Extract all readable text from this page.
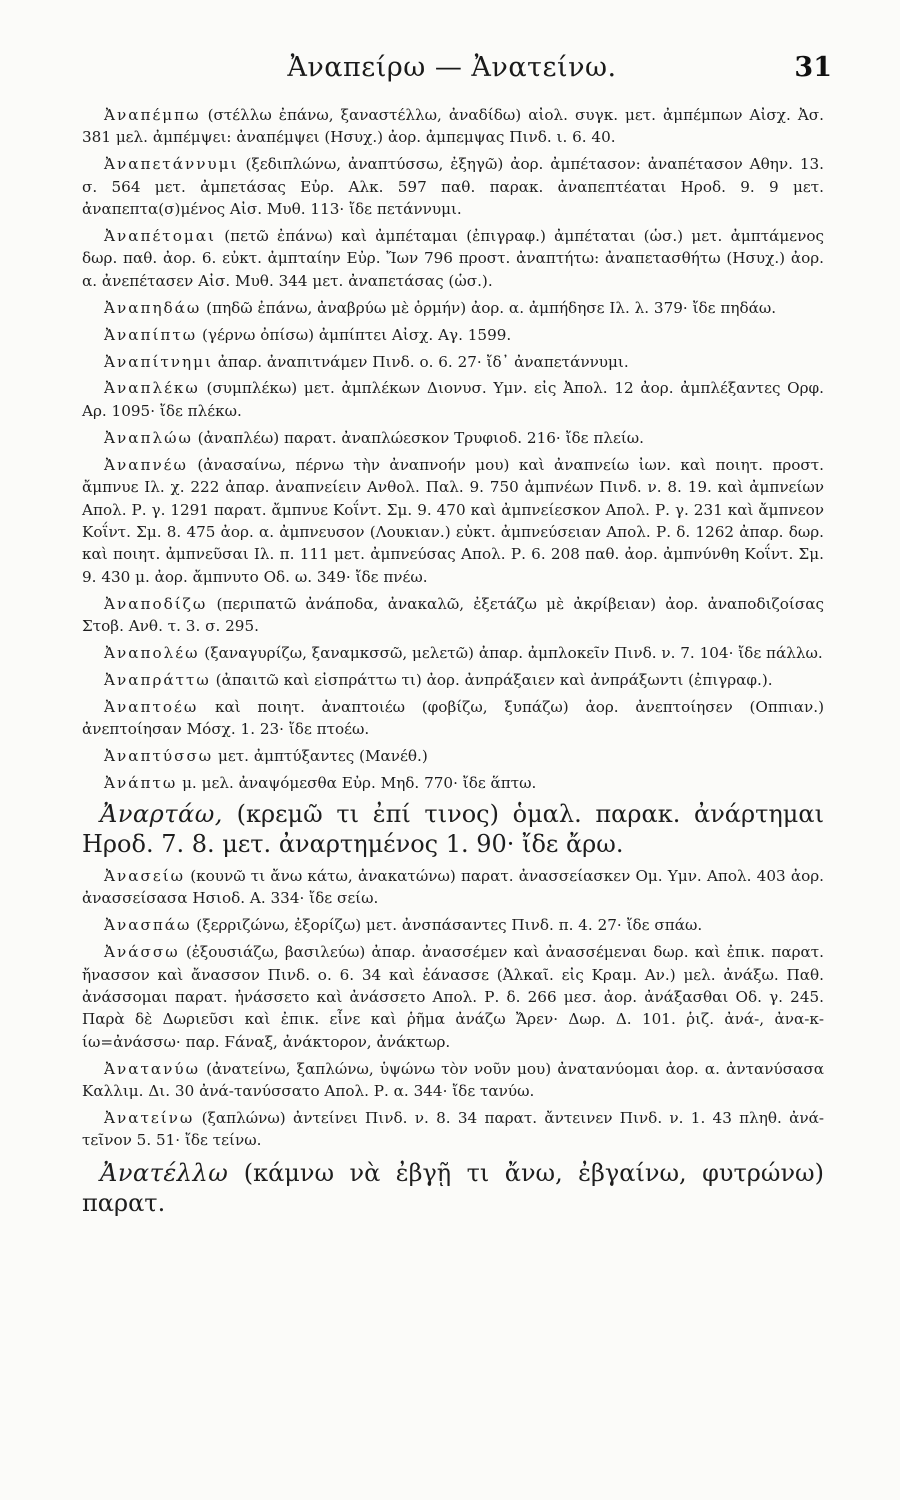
Ἀναπείρω — Ἀνατείνω.	31

Ἀναπέμπω (στέλλω ἐπάνω, ξαναστέλλω, ἀναδίδω) αἰολ. συγκ. μετ. ἀμπέμπων Αἰσχ. Ἀσ. 381 μελ. ἀμπέμψει: ἀναπέμψει (Ησυχ.) ἀορ. ἀμπεμψας Πινδ. ι. 6. 40.

Ἀναπετάννυμι (ξεδιπλώνω, ἀναπτύσσω, ἐξηγῶ) ἀορ. ἀμπέτασον: ἀναπέτασον Αθην. 13. σ. 564 μετ. ἀμπετάσας Εὐρ. Αλκ. 597 παθ. παρακ. ἀναπεπτέαται Ηροδ. 9. 9 μετ. ἀναπεπτα(σ)μένος Αἰσ. Μυθ. 113· ἴδε πετάννυμι.

Ἀναπέτομαι (πετῶ ἐπάνω) καὶ ἀμπέταμαι (ἐπιγραφ.) ἀμπέταται (ὡσ.) μετ. ἀμπτάμενος δωρ. παθ. ἀορ. 6. εὐκτ. ἀμπταίην Εὐρ. Ἴων 796 προστ. ἀναπτήτω: ἀναπετασθήτω (Ησυχ.) ἀορ. α. ἀνεπέτασεν Αἰσ. Μυθ. 344 μετ. ἀναπετάσας (ὡσ.).

Ἀναπηδάω (πηδῶ ἐπάνω, ἀναβρύω μὲ ὁρμήν) ἀορ. α. ἀμπήδησε Ιλ. λ. 379· ἴδε πηδάω.

Ἀναπίπτω (γέρνω ὀπίσω) ἀμπίπτει Αἰσχ. Αγ. 1599.

Ἀναπίτνημι ἀπαρ. ἀναπιτνάμεν Πινδ. ο. 6. 27· ἴδ᾽ ἀναπετάννυμι.

Ἀναπλέκω (συμπλέκω) μετ. ἀμπλέκων Διονυσ. Υμν. εἰς Ἀπολ. 12 ἀορ. ἀμπλέξαντες Ορφ. Αρ. 1095· ἴδε πλέκω.

Ἀναπλώω (ἀναπλέω) παρατ. ἀναπλώεσκον Τρυφιοδ. 216· ἴδε πλείω.

Ἀναπνέω (ἀνασαίνω, πέρνω τὴν ἀναπνοήν μου) καὶ ἀναπνείω ἰων. καὶ ποιητ. προστ. ἄμπνυε Ιλ. χ. 222 ἀπαρ. ἀναπνείειν Ανθολ. Παλ. 9. 750 ἀμπνέων Πινδ. ν. 8. 19. καὶ ἀμπνείων Απολ. Ρ. γ. 1291 παρατ. ἄμπνυε Κοΐντ. Σμ. 9. 470 καὶ ἀμπνείεσκον Απολ. Ρ. γ. 231 καὶ ἄμπνεον Κοΐντ. Σμ. 8. 475 ἀορ. α. ἀμπνευσον (Λουκιαν.) εὐκτ. ἀμπνεύσειαν Απολ. Ρ. δ. 1262 ἀπαρ. δωρ. καὶ ποιητ. ἀμπνεῦσαι Ιλ. π. 111 μετ. ἀμπνεύσας Απολ. Ρ. 6. 208 παθ. ἀορ. ἀμπνύνθη Κοΐντ. Σμ. 9. 430 μ. ἀορ. ἄμπνυτο Οδ. ω. 349· ἴδε πνέω.

Ἀναποδίζω (περιπατῶ ἀνάποδα, ἀνακαλῶ, ἐξετάζω μὲ ἀκρίβειαν) ἀορ. ἀναποδιζοίσας Στοβ. Ανθ. τ. 3. σ. 295.

Ἀναπολέω (ξαναγυρίζω, ξαναμκσσῶ, μελετῶ) ἀπαρ. ἀμπλοκεῖν Πινδ. ν. 7. 104· ἴδε πάλλω.

Ἀναπράττω (ἀπαιτῶ καὶ εἰσπράττω τι) ἀορ. ἀνπράξαιεν καὶ ἀνπράξωντι (ἐπιγραφ.).

Ἀναπτοέω καὶ ποιητ. ἀναπτοιέω (φοβίζω, ξυπάζω) ἀορ. ἀνεπτοίησεν (Οππιαν.) ἀνεπτοίησαν Μόσχ. 1. 23· ἴδε πτοέω.

Ἀναπτύσσω μετ. ἀμπτύξαντες (Μανέθ.)

Ἀνάπτω μ. μελ. ἀναψόμεσθα Εὐρ. Μηδ. 770· ἴδε ἅπτω.

Ἀναρτάω, (κρεμῶ τι ἐπί τινος) ὁμαλ. παρακ. ἀνάρτημαι Ηροδ. 7. 8. μετ. ἀναρτημένος 1. 90· ἴδε ἄρω.

Ἀνασείω (κουνῶ τι ἄνω κάτω, ἀνακατώνω) παρατ. ἀνασσείασκεν Ομ. Υμν. Απολ. 403 ἀορ. ἀνασσείσασα Ησιοδ. Α. 334· ἴδε σείω.

Ἀνασπάω (ξερριζώνω, ἐξορίζω) μετ. ἀνσπάσαντες Πινδ. π. 4. 27· ἴδε σπάω.

Ἀνάσσω (ἐξουσιάζω, βασιλεύω) ἀπαρ. ἀνασσέμεν καὶ ἀνασσέμεναι δωρ. καὶ ἐπικ. παρατ. ἤνασσον καὶ ἄνασσον Πινδ. ο. 6. 34 καὶ ἐάνασσε (Ἀλκαῖ. εἰς Κραμ. Αν.) μελ. ἀνάξω. Παθ. ἀνάσσομαι παρατ. ἠνάσσετο καὶ ἀνάσσετο Απολ. Ρ. δ. 266 μεσ. ἀορ. ἀνάξασθαι Οδ. γ. 245. Παρὰ δὲ Δωριεῦσι καὶ ἐπικ. εἶνε καὶ ῥῆμα ἀνάζω Ἄρεν· Δωρ. Δ. 101. ῥιζ. ἀνά-, ἀνα-κ-ίω=ἀνάσσω· παρ. Ϝάναξ, ἀνάκτορον, ἀνάκτωρ.

Ἀνατανύω (ἀνατείνω, ξαπλώνω, ὑψώνω τὸν νοῦν μου) ἀνατανύομαι ἀορ. α. ἀντανύσασα Καλλιμ. Δι. 30 ἀνά-τανύσσατο Απολ. Ρ. α. 344· ἴδε τανύω.

Ἀνατείνω (ξαπλώνω) ἀντείνει Πινδ. ν. 8. 34 παρατ. ἄντεινεν Πινδ. ν. 1. 43 πληθ. ἀνά-τεῖνον 5. 51· ἴδε τείνω.

Ἀνατέλλω (κάμνω νὰ ἐβγῇ τι ἄνω, ἐβγαίνω, φυτρώνω) παρατ.
